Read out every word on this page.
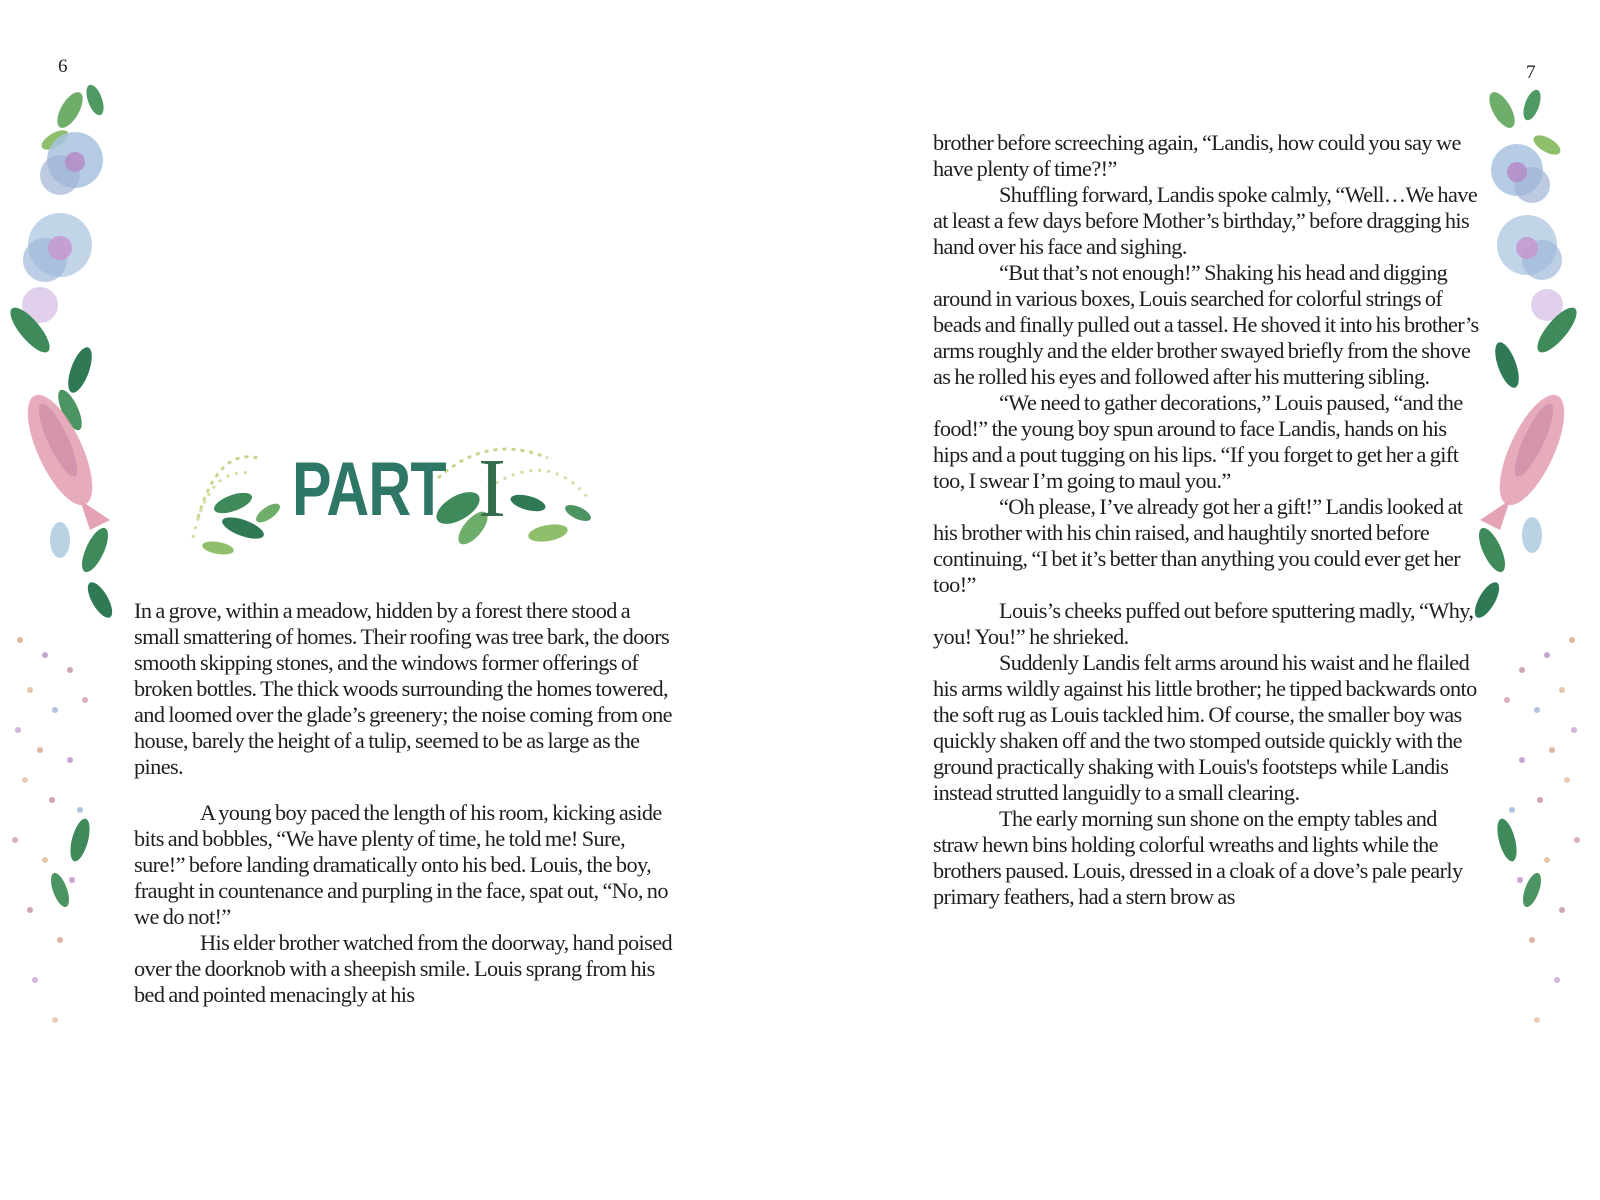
6	7
PART I

In a grove, within a meadow, hidden by a forest there stood a small smattering of homes. Their roofing was tree bark, the doors smooth skipping stones, and the windows former offerings of broken bottles. The thick woods surrounding the homes towered, and loomed over the glade’s greenery; the noise coming from one house, barely the height of a tulip, seemed to be as large as the pines.

A young boy paced the length of his room, kicking aside bits and bobbles, “We have plenty of time, he told me! Sure, sure!” before landing dramatically onto his bed. Louis, the boy, fraught in countenance and purpling in the face, spat out, “No, no we do not!”

His elder brother watched from the doorway, hand poised over the doorknob with a sheepish smile. Louis sprang from his bed and pointed menacingly at his

brother before screeching again, “Landis, how could you say we have plenty of time?!”

Shuffling forward, Landis spoke calmly, “Well…We have at least a few days before Mother’s birthday,” before dragging his hand over his face and sighing.

“But that’s not enough!” Shaking his head and digging around in various boxes, Louis searched for colorful strings of beads and finally pulled out a tassel. He shoved it into his brother’s arms roughly and the elder brother swayed briefly from the shove as he rolled his eyes and followed after his muttering sibling.

“We need to gather decorations,” Louis paused, “and the food!” the young boy spun around to face Landis, hands on his hips and a pout tugging on his lips. “If you forget to get her a gift too, I swear I’m going to maul you.”

“Oh please, I’ve already got her a gift!” Landis looked at his brother with his chin raised, and haughtily snorted before continuing, “I bet it’s better than anything you could ever get her too!”

Louis’s cheeks puffed out before sputtering madly, “Why, you! You!” he shrieked.

Suddenly Landis felt arms around his waist and he flailed his arms wildly against his little brother; he tipped backwards onto the soft rug as Louis tackled him. Of course, the smaller boy was quickly shaken off and the two stomped outside quickly with the ground practically shaking with Louis's footsteps while Landis instead strutted languidly to a small clearing.

The early morning sun shone on the empty tables and straw hewn bins holding colorful wreaths and lights while the brothers paused. Louis, dressed in a cloak of a dove’s pale pearly primary feathers, had a stern brow as
